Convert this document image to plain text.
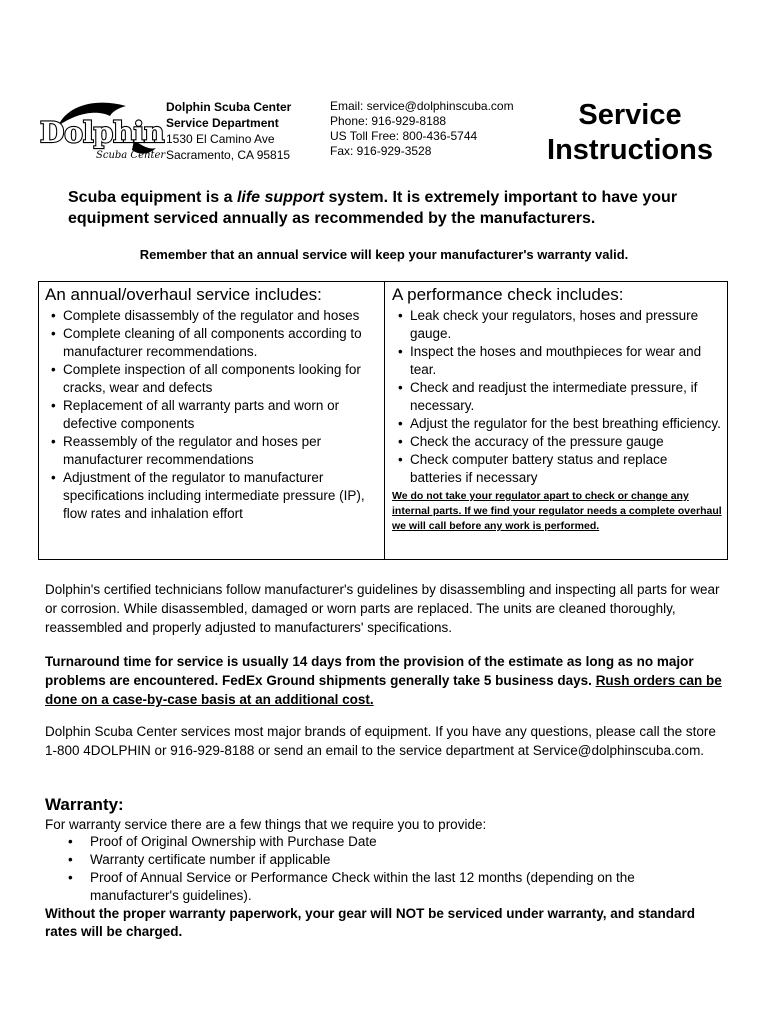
Dolphin
Scuba Center
Dolphin Scuba Center
Service Department
1530 El Camino Ave
Sacramento, CA 95815
Email: service@dolphinscuba.com
Phone: 916-929-8188
US Toll Free: 800-436-5744
Fax: 916-929-3528
Service
Instructions
Scuba equipment is a life support system. It is extremely important to have your equipment serviced annually as recommended by the manufacturers.
Remember that an annual service will keep your manufacturer's warranty valid.
An annual/overhaul service includes:
• Complete disassembly of the regulator and hoses
• Complete cleaning of all components according to manufacturer recommendations.
• Complete inspection of all components looking for cracks, wear and defects
• Replacement of all warranty parts and worn or defective components
• Reassembly of the regulator and hoses per manufacturer recommendations
• Adjustment of the regulator to manufacturer specifications including intermediate pressure (IP), flow rates and inhalation effort
A performance check includes:
• Leak check your regulators, hoses and pressure gauge.
• Inspect the hoses and mouthpieces for wear and tear.
• Check and readjust the intermediate pressure, if necessary.
• Adjust the regulator for the best breathing efficiency.
• Check the accuracy of the pressure gauge
• Check computer battery status and replace batteries if necessary
We do not take your regulator apart to check or change any internal parts. If we find your regulator needs a complete overhaul we will call before any work is performed.
Dolphin's certified technicians follow manufacturer's guidelines by disassembling and inspecting all parts for wear or corrosion. While disassembled, damaged or worn parts are replaced. The units are cleaned thoroughly, reassembled and properly adjusted to manufacturers' specifications.
Turnaround time for service is usually 14 days from the provision of the estimate as long as no major problems are encountered. FedEx Ground shipments generally take 5 business days. Rush orders can be done on a case-by-case basis at an additional cost.
Dolphin Scuba Center services most major brands of equipment. If you have any questions, please call the store 1-800 4DOLPHIN or 916-929-8188 or send an email to the service department at Service@dolphinscuba.com.
Warranty:
For warranty service there are a few things that we require you to provide:
• Proof of Original Ownership with Purchase Date
• Warranty certificate number if applicable
• Proof of Annual Service or Performance Check within the last 12 months (depending on the manufacturer's guidelines).
Without the proper warranty paperwork, your gear will NOT be serviced under warranty, and standard rates will be charged.
